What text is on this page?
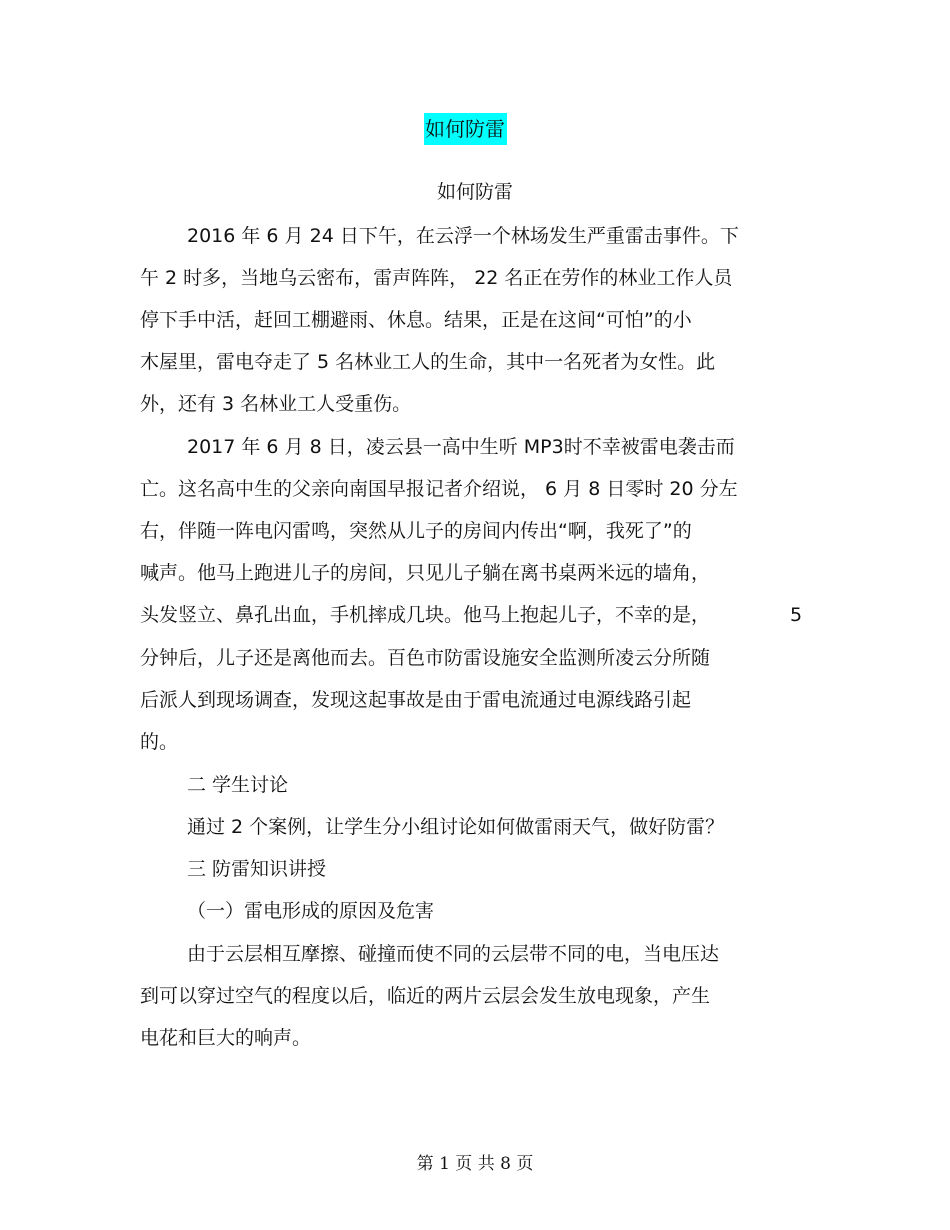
如何防雷
如何防雷
2016 年 6 月 24 日下午，在云浮一个林场发生严重雷击事件。下
午 2 时多，当地乌云密布，雷声阵阵， 22 名正在劳作的林业工作人员
停下手中活，赶回工棚避雨、休息。结果，正是在这间“可怕”的小
木屋里，雷电夺走了 5 名林业工人的生命，其中一名死者为女性。此
外，还有 3 名林业工人受重伤。
2017 年 6 月 8 日，凌云县一高中生听 MP3时不幸被雷电袭击而
亡。这名高中生的父亲向南国早报记者介绍说， 6 月 8 日零时 20 分左
右，伴随一阵电闪雷鸣，突然从儿子的房间内传出“啊，我死了”的
喊声。他马上跑进儿子的房间，只见儿子躺在离书桌两米远的墙角，
头发竖立、鼻孔出血，手机摔成几块。他马上抱起儿子，不幸的是，	5
分钟后，儿子还是离他而去。百色市防雷设施安全监测所凌云分所随
后派人到现场调查，发现这起事故是由于雷电流通过电源线路引起
的。
二 学生讨论
通过 2 个案例，让学生分小组讨论如何做雷雨天气，做好防雷？
三 防雷知识讲授
（一）雷电形成的原因及危害
由于云层相互摩擦、碰撞而使不同的云层带不同的电，当电压达
到可以穿过空气的程度以后，临近的两片云层会发生放电现象，产生
电花和巨大的响声。
第 1 页 共 8 页
